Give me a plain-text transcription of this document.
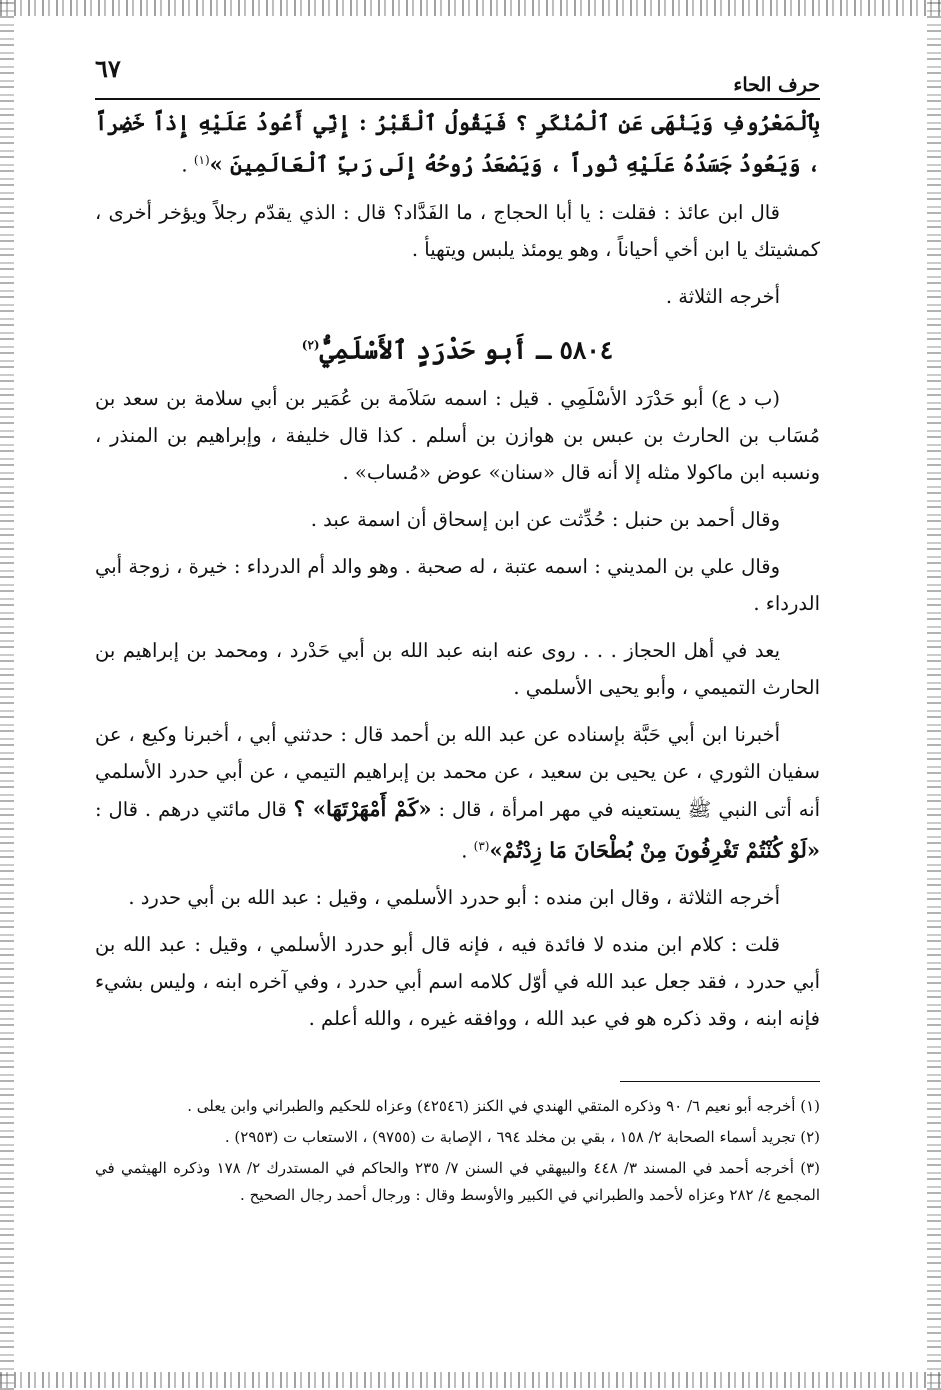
حرف الحاء
٦٧

بِٱلْمَعْرُوفِ وَيَنْهَى عَنِ ٱلْمُنْكَرِ ؟ فَيَقُولُ ٱلْقَبْرُ : إِنِّي أَعُودُ عَلَيْهِ إِذاً خَضِراً ، وَيَعُودُ جَسَدُهُ عَلَيْهِ نُوراً ، وَيَصْعَدُ رُوحُهُ إِلَى رَبِّ ٱلْعَالَمِينَ »$^{(١)}$ .

قال ابن عائذ : فقلت : يا أبا الحجاج ، ما الفَدَّاد؟ قال : الذي يقدّم رجلاً ويؤخر أخرى ، كمشيتك يا ابن أخي أحياناً ، وهو يومئذ يلبس ويتهيأ .

أخرجه الثلاثة .

٥٨٠٤ ـ أَبو حَدْرَدٍ ٱلأَسْلَمِيُّ$^{(٢)}$

(ب د ع) أبو حَدْرَد الأسْلَمِي . قيل : اسمه سَلاَمة بن عُمَير بن أبي سلامة بن سعد بن مُسَاب بن الحارث بن عبس بن هوازن بن أسلم . كذا قال خليفة ، وإبراهيم بن المنذر ، ونسبه ابن ماكولا مثله إلا أنه قال «سنان» عوض «مُساب» .

وقال أحمد بن حنبل : حُدِّثت عن ابن إسحاق أن اسمة عبد .

وقال علي بن المديني : اسمه عتبة ، له صحبة . وهو والد أم الدرداء : خيرة ، زوجة أبي الدرداء .

يعد في أهل الحجاز . . . روى عنه ابنه عبد الله بن أبي حَدْرد ، ومحمد بن إبراهيم بن الحارث التميمي ، وأبو يحيى الأسلمي .

أخبرنا ابن أبي حَبَّة بإسناده عن عبد الله بن أحمد قال : حدثني أبي ، أخبرنا وكيع ، عن سفيان الثوري ، عن يحيى بن سعيد ، عن محمد بن إبراهيم التيمي ، عن أبي حدرد الأسلمي أنه أتى النبي ﷺ يستعينه في مهر امرأة ، قال : «كَمْ أَمْهَرْتَهَا» ؟ قال مائتي درهم . قال : «لَوْ كُنْتُمْ تَغْرِفُونَ مِنْ بُطْحَانَ مَا زِدْتُمْ»$^{(٣)}$ .

أخرجه الثلاثة ، وقال ابن منده : أبو حدرد الأسلمي ، وقيل : عبد الله بن أبي حدرد .

قلت : كلام ابن منده لا فائدة فيه ، فإنه قال أبو حدرد الأسلمي ، وقيل : عبد الله بن أبي حدرد ، فقد جعل عبد الله في أوّل كلامه اسم أبي حدرد ، وفي آخره ابنه ، وليس بشيء فإنه ابنه ، وقد ذكره هو في عبد الله ، ووافقه غيره ، والله أعلم .

(١) أخرجه أبو نعيم ٦/ ٩٠ وذكره المتقي الهندي في الكنز (٤٢٥٤٦) وعزاه للحكيم والطبراني وابن يعلى .

(٢) تجريد أسماء الصحابة ٢/ ١٥٨ ، بقي بن مخلد ٦٩٤ ، الإصابة ت (٩٧٥٥) ، الاستعاب ت (٢٩٥٣) .

(٣) أخرجه أحمد في المسند ٣/ ٤٤٨ والبيهقي في السنن ٧/ ٢٣٥ والحاكم في المستدرك ٢/ ١٧٨ وذكره الهيثمي في المجمع ٤/ ٢٨٢ وعزاه لأحمد والطبراني في الكبير والأوسط وقال : ورجال أحمد رجال الصحيح .
